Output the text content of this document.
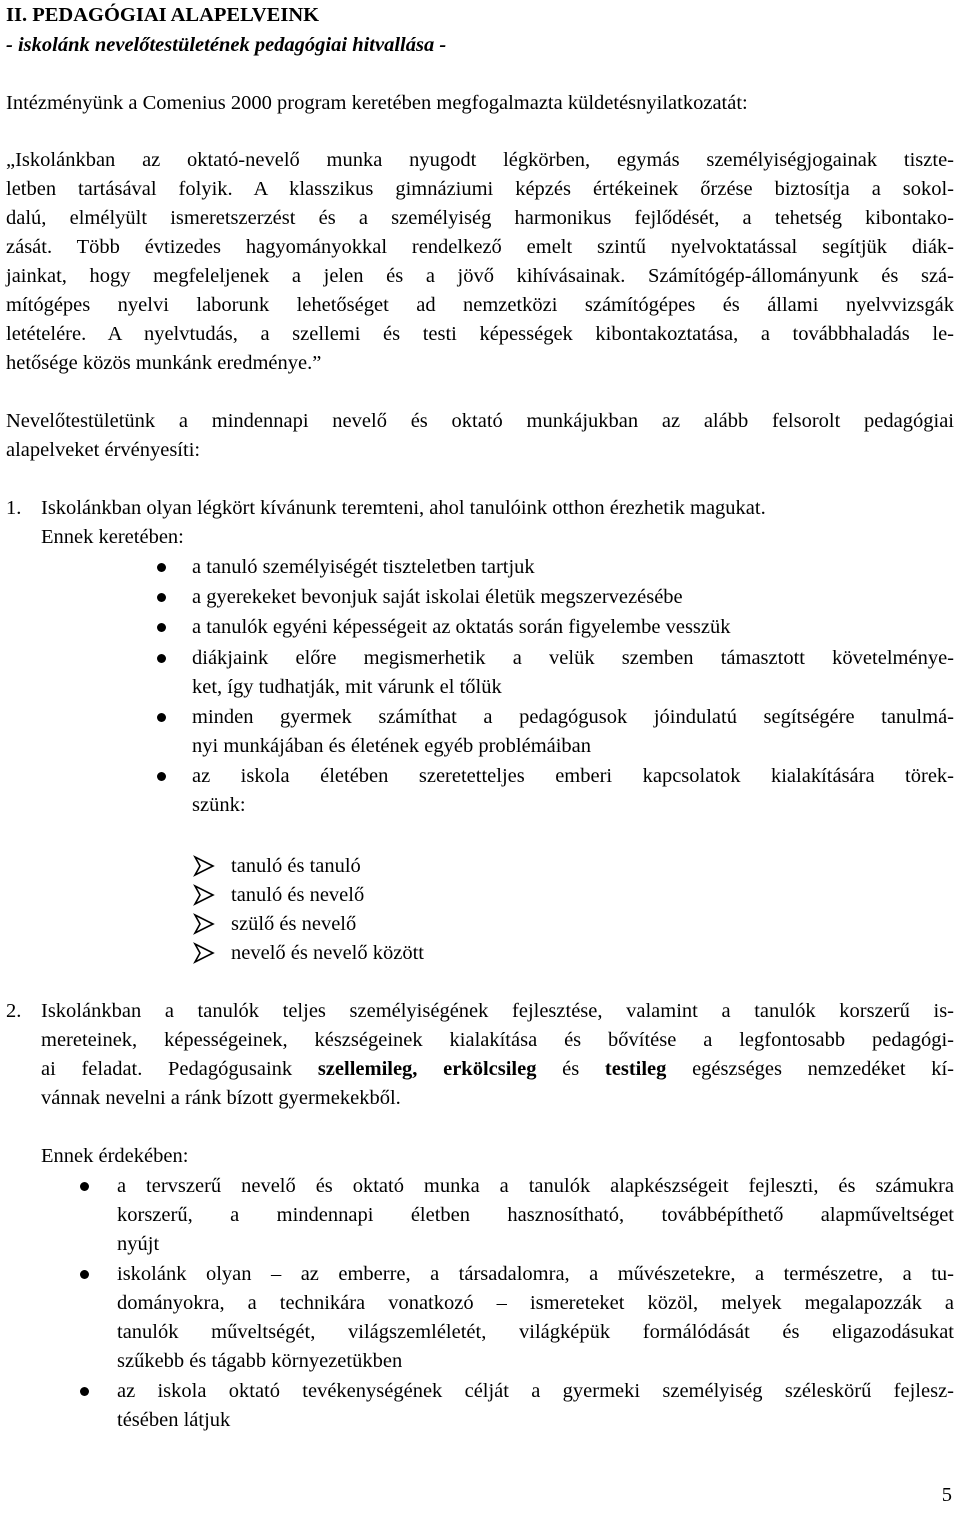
II. PEDAGÓGIAI ALAPELVEINK
- iskolánk nevelőtestületének pedagógiai hitvallása -
Intézményünk a Comenius 2000 program keretében megfogalmazta küldetésnyilatkozatát:
„Iskolánkban az oktató-nevelő munka nyugodt légkörben, egymás személyiségjogainak tiszte-
letben tartásával folyik. A klasszikus gimnáziumi képzés értékeinek őrzése biztosítja a sokol-
dalú, elmélyült ismeretszerzést és a személyiség harmonikus fejlődését, a tehetség kibontako-
zását. Több évtizedes hagyományokkal rendelkező emelt szintű nyelvoktatással segítjük diák-
jainkat, hogy megfeleljenek a jelen és a jövő kihívásainak. Számítógép-állományunk és szá-
mítógépes nyelvi laborunk lehetőséget ad nemzetközi számítógépes és állami nyelvvizsgák
letételére. A nyelvtudás, a szellemi és testi képességek kibontakoztatása, a továbbhaladás le-
hetősége közös munkánk eredménye.”
Nevelőtestületünk a mindennapi nevelő és oktató munkájukban az alább felsorolt pedagógiai
alapelveket érvényesíti:
1. Iskolánkban olyan légkört kívánunk teremteni, ahol tanulóink otthon érezhetik magukat.
Ennek keretében:
a tanuló személyiségét tiszteletben tartjuk
a gyerekeket bevonjuk saját iskolai életük megszervezésébe
a tanulók egyéni képességeit az oktatás során figyelembe vesszük
diákjaink előre megismerhetik a velük szemben támasztott követelménye-
ket, így tudhatják, mit várunk el tőlük
minden gyermek számíthat a pedagógusok jóindulatú segítségére tanulmá-
nyi munkájában és életének egyéb problémáiban
az iskola életében szeretetteljes emberi kapcsolatok kialakítására törek-
szünk:
tanuló és tanuló
tanuló és nevelő
szülő és nevelő
nevelő és nevelő között
2. Iskolánkban a tanulók teljes személyiségének fejlesztése, valamint a tanulók korszerű is-
mereteinek, képességeinek, készségeinek kialakítása és bővítése a legfontosabb pedagógi-
ai feladat. Pedagógusaink szellemileg, erkölcsileg és testileg egészséges nemzedéket kí-
vánnak nevelni a ránk bízott gyermekekből.
Ennek érdekében:
a tervszerű nevelő és oktató munka a tanulók alapkészségeit fejleszti, és számukra
korszerű, a mindennapi életben hasznosítható, továbbépíthető alapműveltséget
nyújt
iskolánk olyan – az emberre, a társadalomra, a művészetekre, a természetre, a tu-
dományokra, a technikára vonatkozó – ismereteket közöl, melyek megalapozzák a
tanulók műveltségét, világszemléletét, világképük formálódását és eligazodásukat
szűkebb és tágabb környezetükben
az iskola oktató tevékenységének célját a gyermeki személyiség széleskörű fejlesz-
tésében látjuk
5
